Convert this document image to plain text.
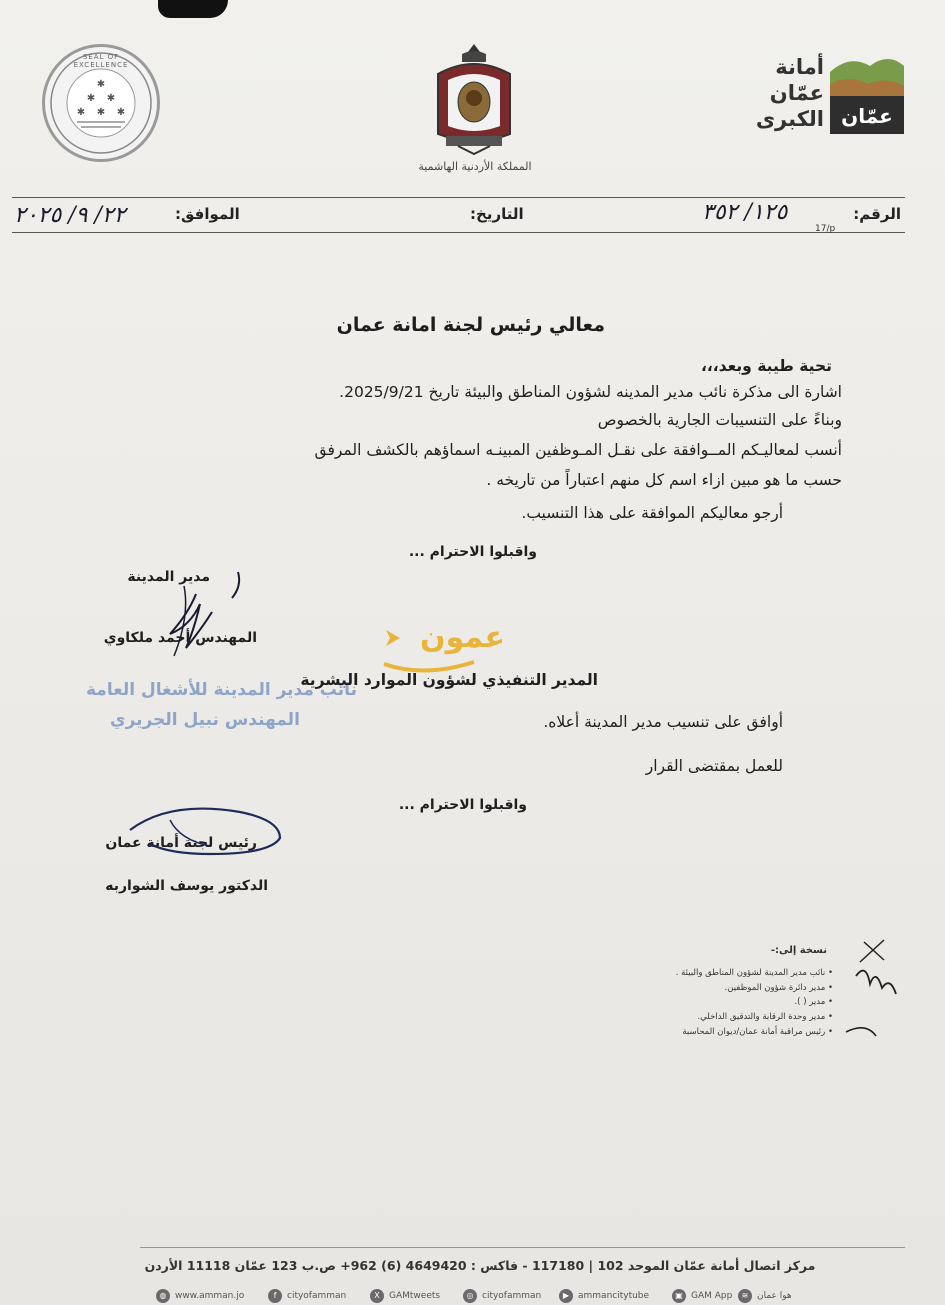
✱
✱ ✱
✱ ✱ ✱
SEAL OF EXCELLENCE
المملكة الأردنية الهاشمية
أمانة
عمّان
الكبرى عمّان
الرقم:
١٢٥/ ٣٥٢
17/p
التاريخ:
الموافق:
٢٢/ ٩/ ٢٠٢٥
معالي رئيس لجنة امانة عمان
تحية طيبة وبعد،،،
اشارة الى مذكرة نائب مدير المدينه لشؤون المناطق والبيئة تاريخ 2025/9/21.
وبناءً على التنسيبات الجارية بالخصوص
أنسب لمعاليـكم المــوافقة على نقـل المـوظفين المبينـه اسماؤهم بالكشف المرفق
حسب ما هو مبين ازاء اسم كل منهم اعتباراً من تاريخه .
أرجو معاليكم الموافقة على هذا التنسيب.
واقبلوا الاحترام ...
مدير المدينة
المهندس أحمد ملكاوي
نائب مدير المدينة للأشغال العامة
المهندس نبيل الجريري
عمون
المدير التنفيذي لشؤون الموارد البشرية
أوافق على تنسيب مدير المدينة أعلاه.
للعمل بمقتضى القرار
واقبلوا الاحترام ...
رئيس لجنة أمانة عمان
الدكتور يوسف الشواربه
نسخة إلى:-
• نائب مدير المدينة لشؤون المناطق والبيئة .
• مدير دائرة شؤون الموظفين.
• مدير ( ).
• مدير وحدة الرقابة والتدقيق الداخلي.
• رئيس مراقبة أمانة عمان/ديوان المحاسبة
مركز اتصال أمانة عمّان الموحد 102 | 117180 - فاكس : 4649420 (6) 962+ ص.ب 123 عمّان 11118 الأردن
◍ www.amman.jo	f	cityofamman	X	GAMtweets	◎ cityofamman	▶ ammancitytube	▣ GAM App	≋ هوا عمان
